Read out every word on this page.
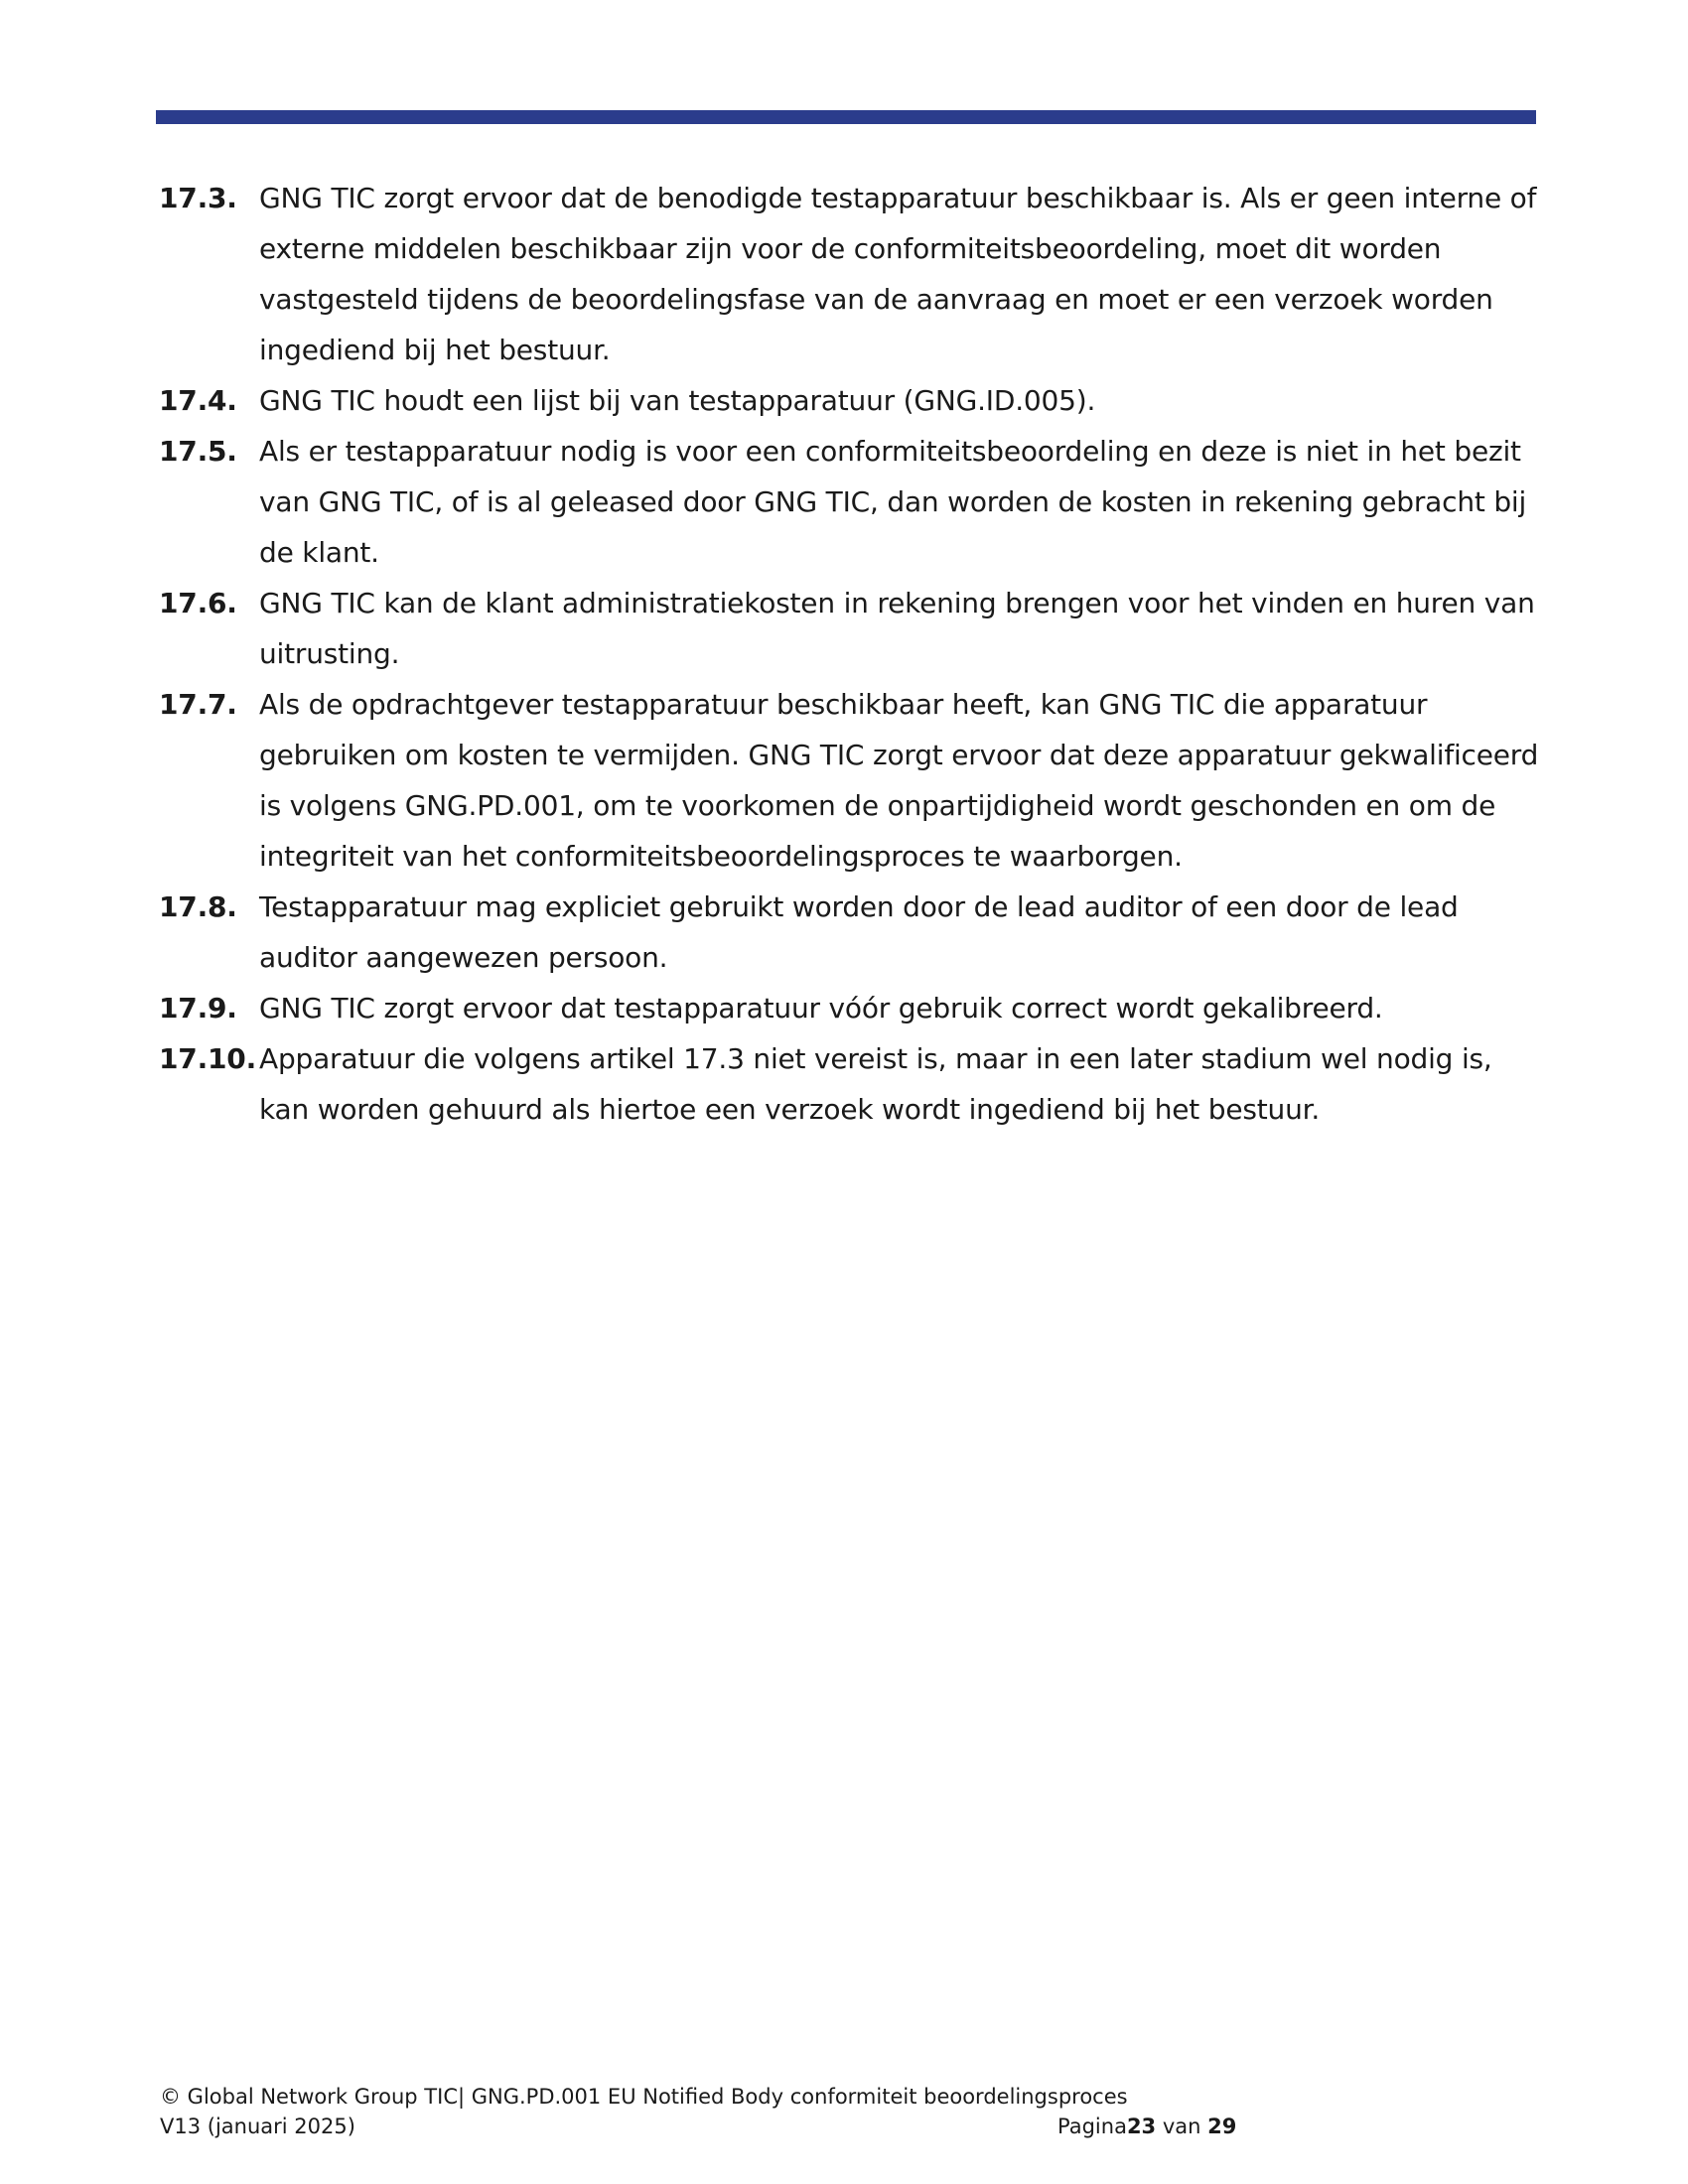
17.3. GNG TIC zorgt ervoor dat de benodigde testapparatuur beschikbaar is. Als er geen interne of externe middelen beschikbaar zijn voor de conformiteitsbeoordeling, moet dit worden vastgesteld tijdens de beoordelingsfase van de aanvraag en moet er een verzoek worden ingediend bij het bestuur.
17.4. GNG TIC houdt een lijst bij van testapparatuur (GNG.ID.005).
17.5. Als er testapparatuur nodig is voor een conformiteitsbeoordeling en deze is niet in het bezit van GNG TIC, of is al geleased door GNG TIC, dan worden de kosten in rekening gebracht bij de klant.
17.6. GNG TIC kan de klant administratiekosten in rekening brengen voor het vinden en huren van uitrusting.
17.7. Als de opdrachtgever testapparatuur beschikbaar heeft, kan GNG TIC die apparatuur gebruiken om kosten te vermijden. GNG TIC zorgt ervoor dat deze apparatuur gekwalificeerd is volgens GNG.PD.001, om te voorkomen de onpartijdigheid wordt geschonden en om de integriteit van het conformiteitsbeoordelingsproces te waarborgen.
17.8. Testapparatuur mag expliciet gebruikt worden door de lead auditor of een door de lead auditor aangewezen persoon.
17.9. GNG TIC zorgt ervoor dat testapparatuur vóór gebruik correct wordt gekalibreerd.
17.10. Apparatuur die volgens artikel 17.3 niet vereist is, maar in een later stadium wel nodig is, kan worden gehuurd als hiertoe een verzoek wordt ingediend bij het bestuur.
© Global Network Group TIC| GNG.PD.001 EU Notified Body conformiteit beoordelingsproces
V13 (januari 2025)	Pagina23 van 29
